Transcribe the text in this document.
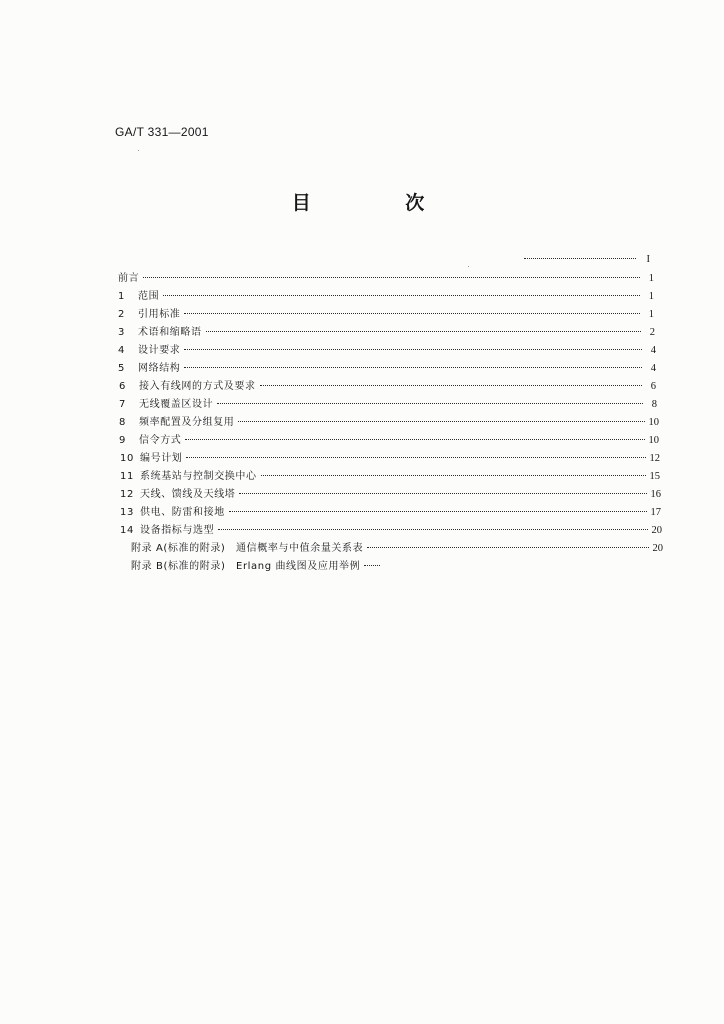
GA/T 331—2001
目 次
I
前言	1
1 范围	1
2 引用标准	1
3 术语和缩略语	2
4 设计要求	4
5 网络结构	4
6 接入有线网的方式及要求	6
7 无线覆盖区设计	8
8 频率配置及分组复用	10
9 信令方式	10
10 编号计划	12
11 系统基站与控制交换中心	15
12 天线、馈线及天线塔	16
13 供电、防雷和接地	17
14 设备指标与选型	20
附录 A(标准的附录)　通信概率与中值余量关系表	20
附录 B(标准的附录)　Erlang 曲线图及应用举例
